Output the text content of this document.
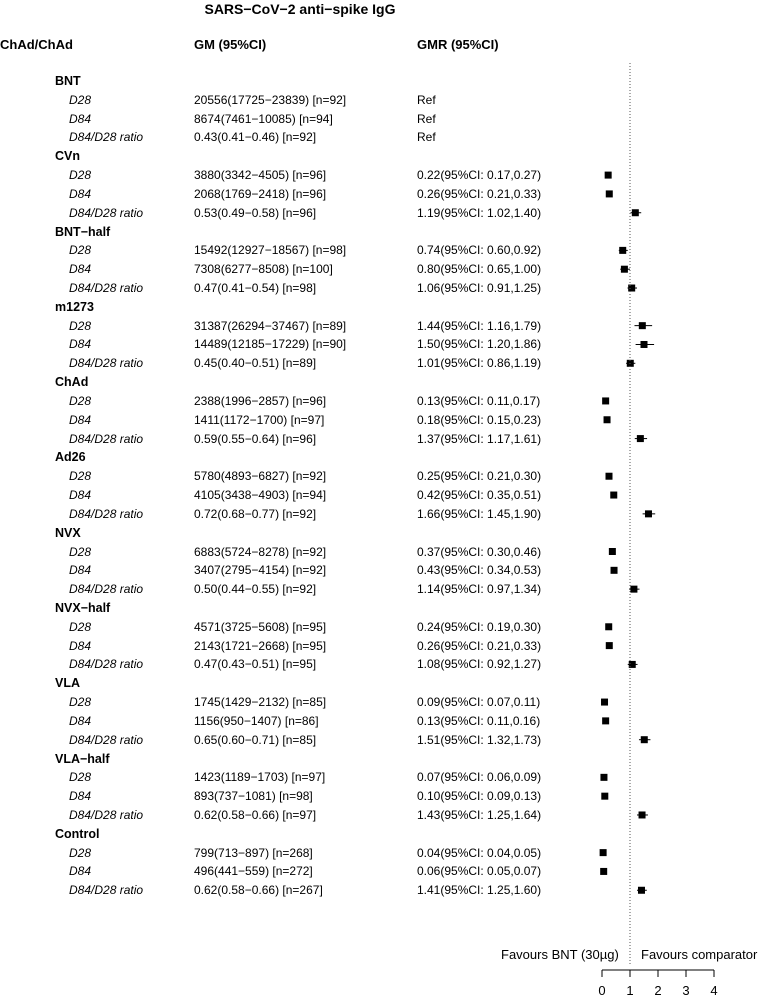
SARS−CoV−2 anti−spike IgG
ChAd/ChAd	GM (95%CI)	GMR (95%CI)
BNT
D28	20556(17725−23839) [n=92]	Ref
D84	8674(7461−10085) [n=94]	Ref
D84/D28 ratio	0.43(0.41−0.46) [n=92]	Ref
CVn
D28	3880(3342−4505) [n=96]	0.22(95%CI: 0.17,0.27)
D84	2068(1769−2418) [n=96]	0.26(95%CI: 0.21,0.33)
D84/D28 ratio	0.53(0.49−0.58) [n=96]	1.19(95%CI: 1.02,1.40)
BNT−half
D28	15492(12927−18567) [n=98]	0.74(95%CI: 0.60,0.92)
D84	7308(6277−8508) [n=100]	0.80(95%CI: 0.65,1.00)
D84/D28 ratio	0.47(0.41−0.54) [n=98]	1.06(95%CI: 0.91,1.25)
m1273
D28	31387(26294−37467) [n=89]	1.44(95%CI: 1.16,1.79)
D84	14489(12185−17229) [n=90]	1.50(95%CI: 1.20,1.86)
D84/D28 ratio	0.45(0.40−0.51) [n=89]	1.01(95%CI: 0.86,1.19)
ChAd
D28	2388(1996−2857) [n=96]	0.13(95%CI: 0.11,0.17)
D84	1411(1172−1700) [n=97]	0.18(95%CI: 0.15,0.23)
D84/D28 ratio	0.59(0.55−0.64) [n=96]	1.37(95%CI: 1.17,1.61)
Ad26
D28	5780(4893−6827) [n=92]	0.25(95%CI: 0.21,0.30)
D84	4105(3438−4903) [n=94]	0.42(95%CI: 0.35,0.51)
D84/D28 ratio	0.72(0.68−0.77) [n=92]	1.66(95%CI: 1.45,1.90)
NVX
D28	6883(5724−8278) [n=92]	0.37(95%CI: 0.30,0.46)
D84	3407(2795−4154) [n=92]	0.43(95%CI: 0.34,0.53)
D84/D28 ratio	0.50(0.44−0.55) [n=92]	1.14(95%CI: 0.97,1.34)
NVX−half
D28	4571(3725−5608) [n=95]	0.24(95%CI: 0.19,0.30)
D84	2143(1721−2668) [n=95]	0.26(95%CI: 0.21,0.33)
D84/D28 ratio	0.47(0.43−0.51) [n=95]	1.08(95%CI: 0.92,1.27)
VLA
D28	1745(1429−2132) [n=85]	0.09(95%CI: 0.07,0.11)
D84	1156(950−1407) [n=86]	0.13(95%CI: 0.11,0.16)
D84/D28 ratio	0.65(0.60−0.71) [n=85]	1.51(95%CI: 1.32,1.73)
VLA−half
D28	1423(1189−1703) [n=97]	0.07(95%CI: 0.06,0.09)
D84	893(737−1081) [n=98]	0.10(95%CI: 0.09,0.13)
D84/D28 ratio	0.62(0.58−0.66) [n=97]	1.43(95%CI: 1.25,1.64)
Control
D28	799(713−897) [n=268]	0.04(95%CI: 0.04,0.05)
D84	496(441−559) [n=272]	0.06(95%CI: 0.05,0.07)
D84/D28 ratio	0.62(0.58−0.66) [n=267]	1.41(95%CI: 1.25,1.60)
0 1 2 3 4
Favours BNT (30µg) Favours comparator
